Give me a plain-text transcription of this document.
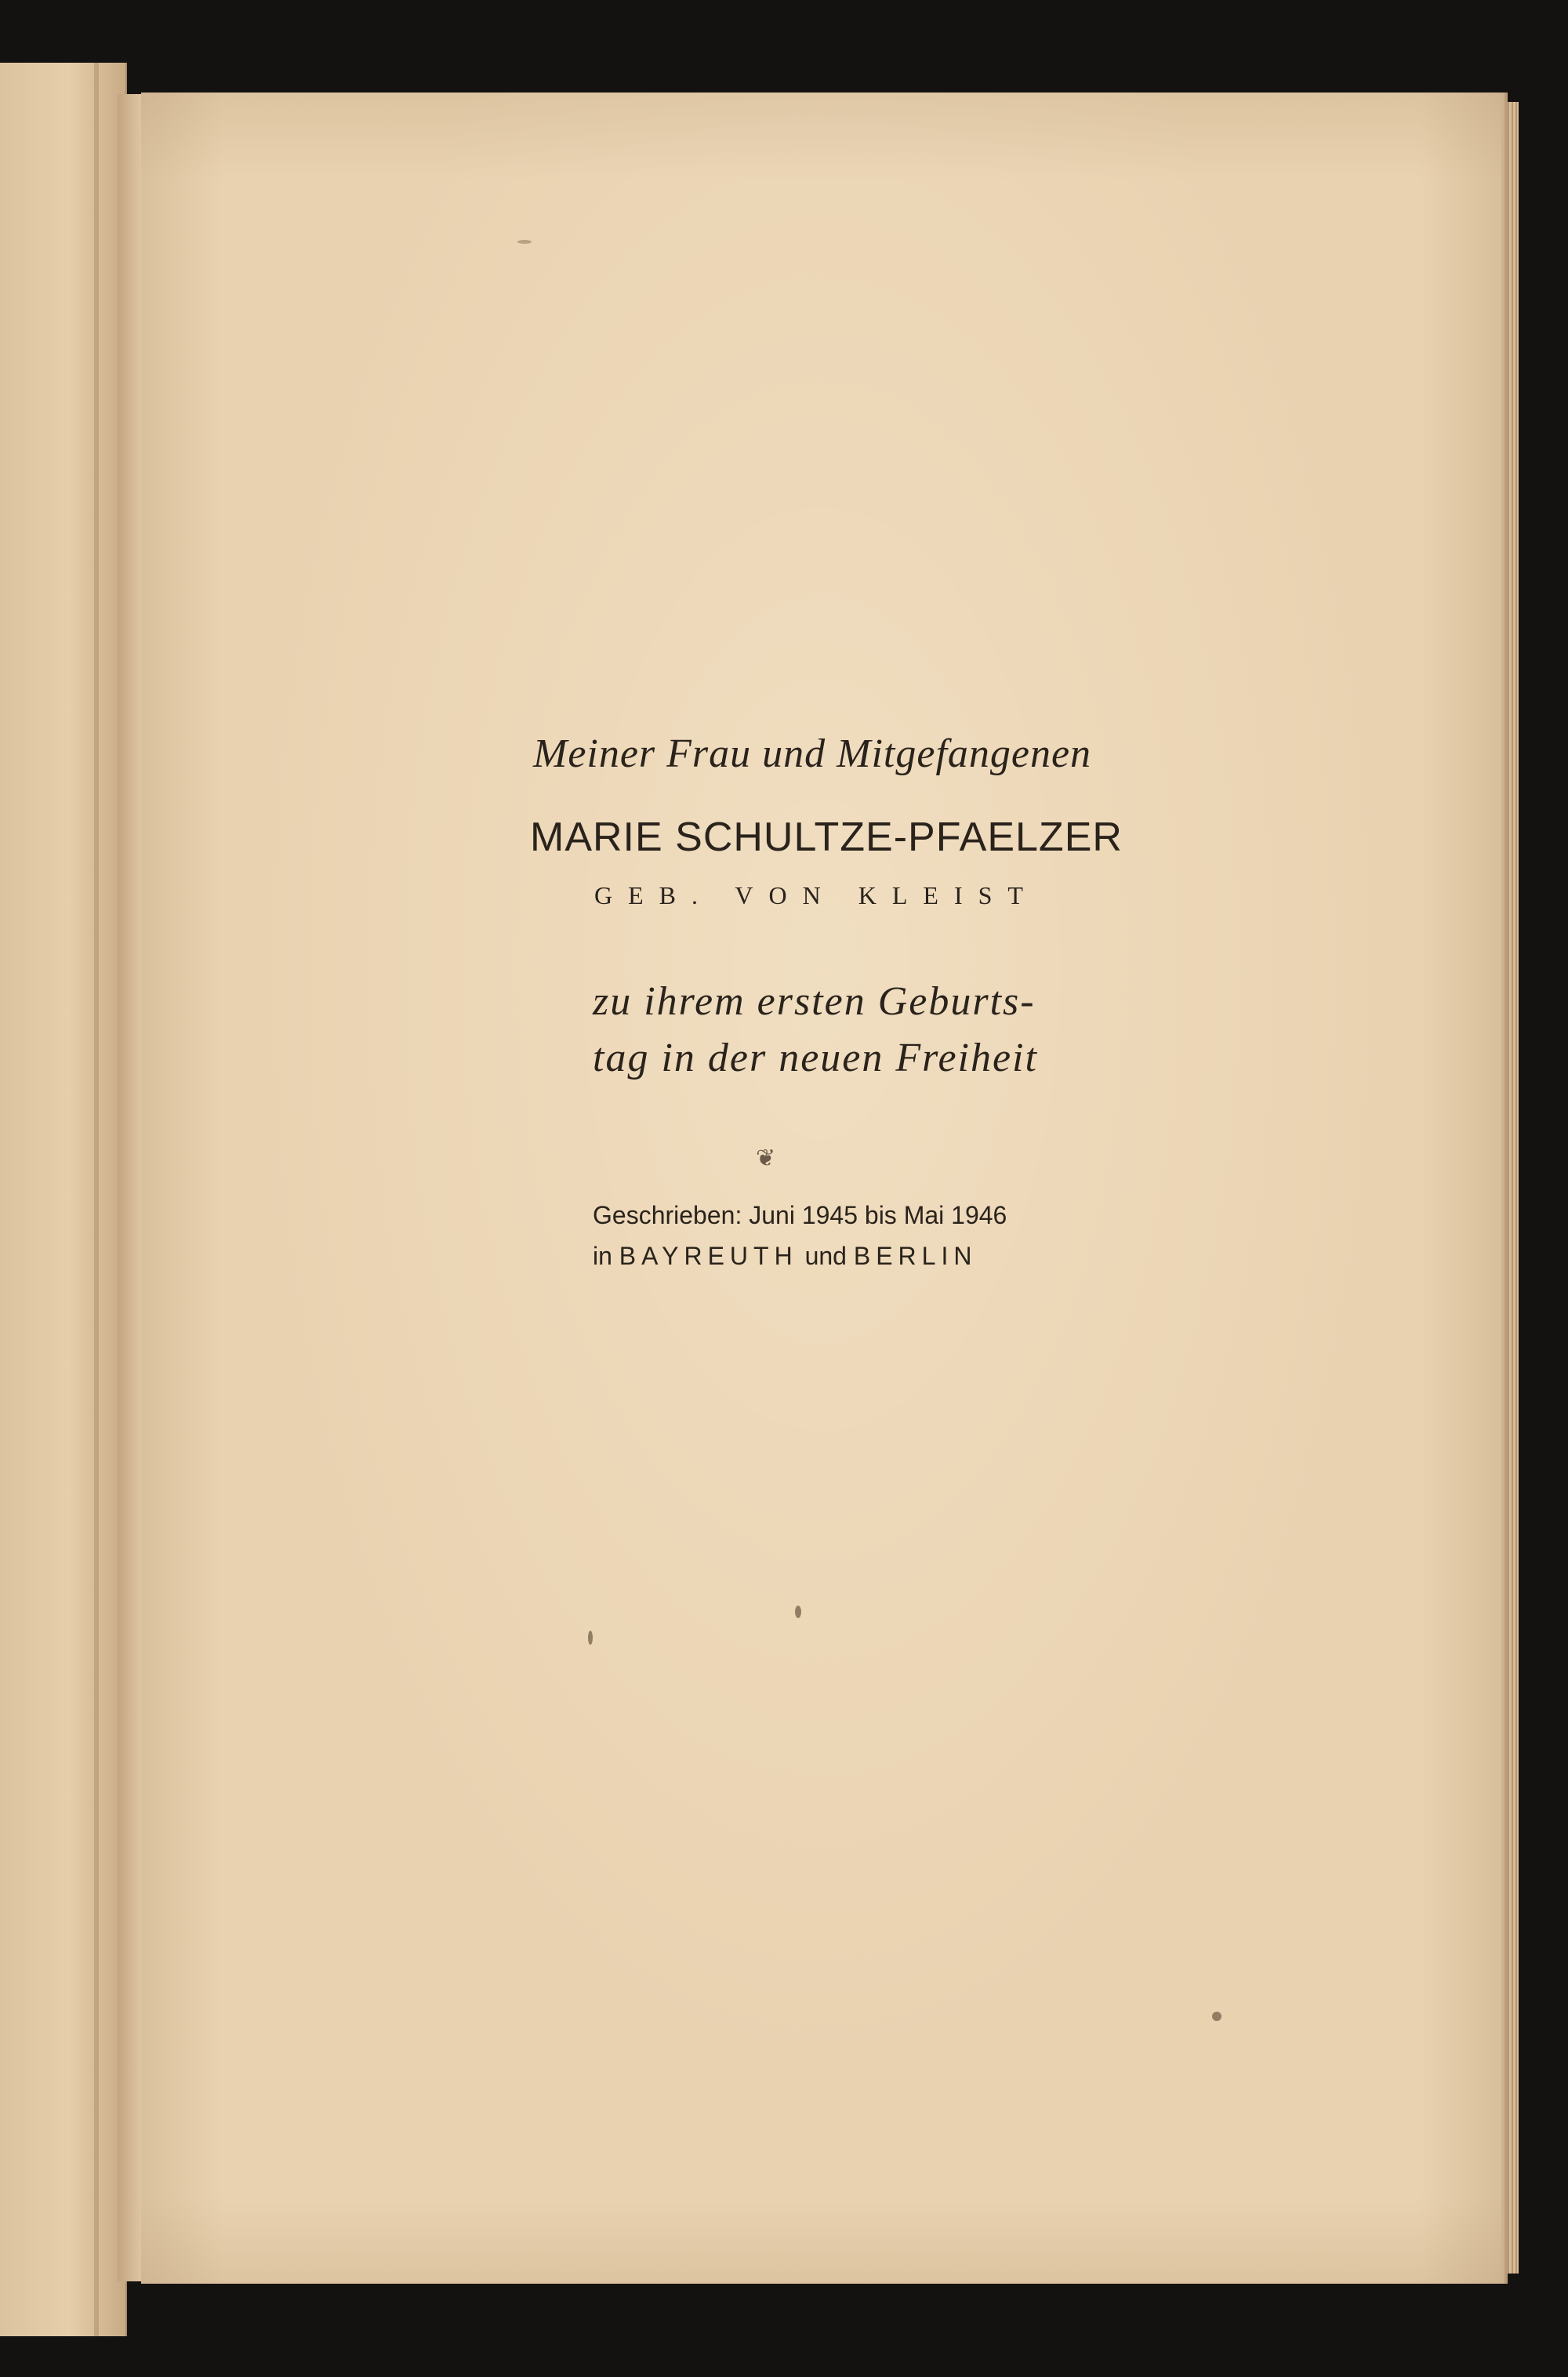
Meiner Frau und Mitgefangenen
MARIE SCHULTZE-PFAELZER
GEB. VON KLEIST
zu ihrem ersten Geburts-
tag in der neuen Freiheit
❦
Geschrieben: Juni 1945 bis Mai 1946
in BAYREUTH und BERLIN
